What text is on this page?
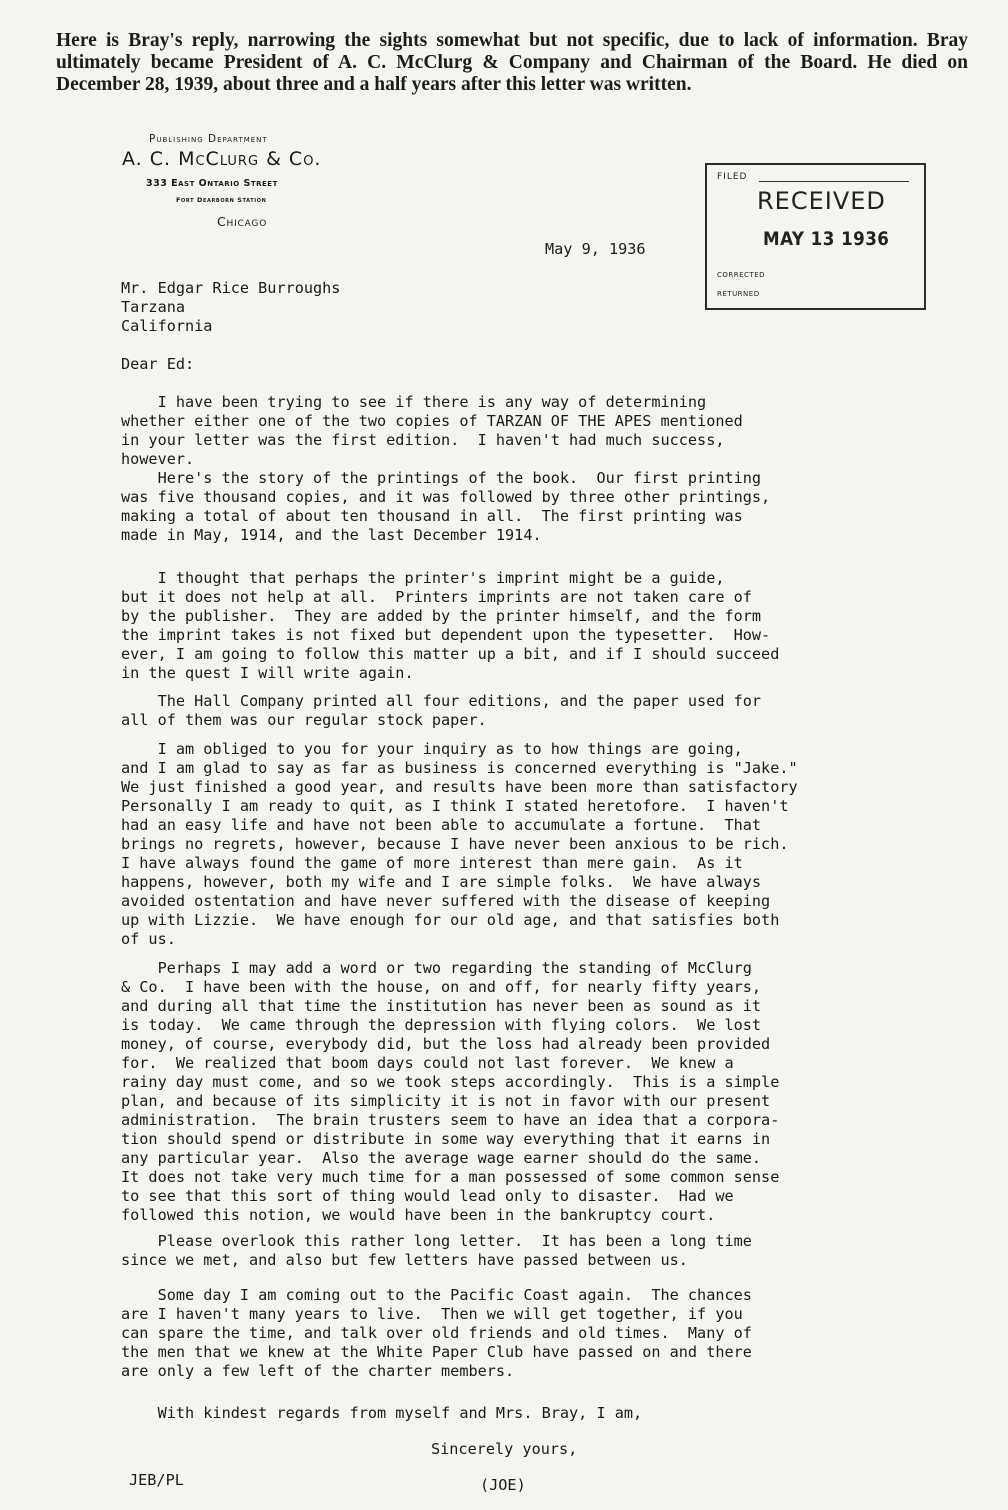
Here is Bray's reply, narrowing the sights somewhat but not specific, due to lack of information. Bray ultimately became President of A. C. McClurg & Company and Chairman of the Board. He died on December 28, 1939, about three and a half years after this letter was written.
Publishing Department
A. C. McClurg & Co.
333 East Ontario Street
Fort Dearborn Station
Chicago
FILED
RECEIVED
MAY 13 1936
CORRECTED
RETURNED
May 9, 1936

Mr. Edgar Rice Burroughs
Tarzana
California

Dear Ed:
I have been trying to see if there is any way of determining
whether either one of the two copies of TARZAN OF THE APES mentioned
in your letter was the first edition.  I haven't had much success,
however.
Here's the story of the printings of the book.  Our first printing
was five thousand copies, and it was followed by three other printings,
making a total of about ten thousand in all.  The first printing was
made in May, 1914, and the last December 1914.
I thought that perhaps the printer's imprint might be a guide,
but it does not help at all.  Printers imprints are not taken care of
by the publisher.  They are added by the printer himself, and the form
the imprint takes is not fixed but dependent upon the typesetter.  How-
ever, I am going to follow this matter up a bit, and if I should succeed
in the quest I will write again.
The Hall Company printed all four editions, and the paper used for
all of them was our regular stock paper.
I am obliged to you for your inquiry as to how things are going,
and I am glad to say as far as business is concerned everything is "Jake."
We just finished a good year, and results have been more than satisfactory
Personally I am ready to quit, as I think I stated heretofore.  I haven't
had an easy life and have not been able to accumulate a fortune.  That
brings no regrets, however, because I have never been anxious to be rich.
I have always found the game of more interest than mere gain.  As it
happens, however, both my wife and I are simple folks.  We have always
avoided ostentation and have never suffered with the disease of keeping
up with Lizzie.  We have enough for our old age, and that satisfies both
of us.
Perhaps I may add a word or two regarding the standing of McClurg
& Co.  I have been with the house, on and off, for nearly fifty years,
and during all that time the institution has never been as sound as it
is today.  We came through the depression with flying colors.  We lost
money, of course, everybody did, but the loss had already been provided
for.  We realized that boom days could not last forever.  We knew a
rainy day must come, and so we took steps accordingly.  This is a simple
plan, and because of its simplicity it is not in favor with our present
administration.  The brain trusters seem to have an idea that a corpora-
tion should spend or distribute in some way everything that it earns in
any particular year.  Also the average wage earner should do the same.
It does not take very much time for a man possessed of some common sense
to see that this sort of thing would lead only to disaster.  Had we
followed this notion, we would have been in the bankruptcy court.
Please overlook this rather long letter.  It has been a long time
since we met, and also but few letters have passed between us.
Some day I am coming out to the Pacific Coast again.  The chances
are I haven't many years to live.  Then we will get together, if you
can spare the time, and talk over old friends and old times.  Many of
the men that we knew at the White Paper Club have passed on and there
are only a few left of the charter members.
With kindest regards from myself and Mrs. Bray, I am,
Sincerely yours,
JEB/PL	(JOE)
